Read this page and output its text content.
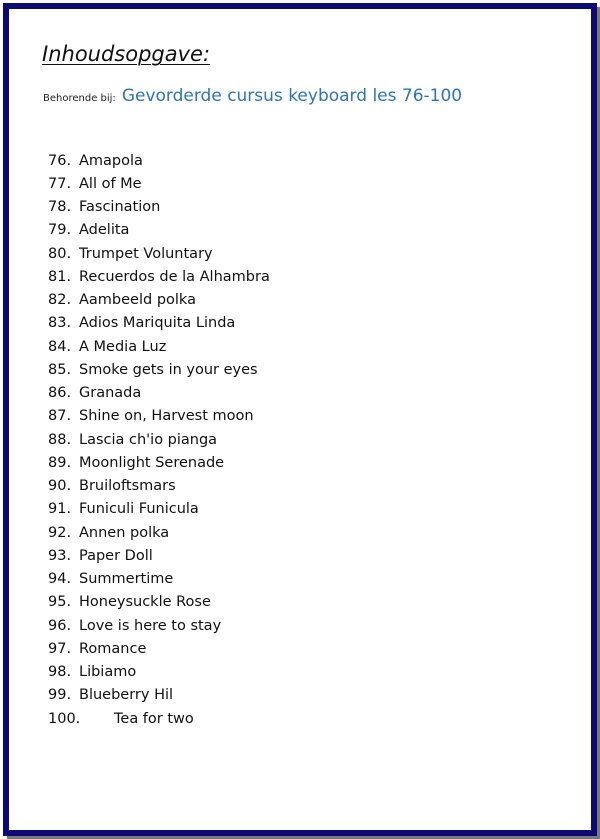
Inhoudsopgave:
Behorende bij: Gevorderde cursus keyboard les 76-100
76. Amapola
77. All of Me
78. Fascination
79. Adelita
80. Trumpet Voluntary
81. Recuerdos de la Alhambra
82. Aambeeld polka
83. Adios Mariquita Linda
84. A Media Luz
85. Smoke gets in your eyes
86. Granada
87. Shine on, Harvest moon
88. Lascia ch'io pianga
89. Moonlight Serenade
90. Bruiloftsmars
91. Funiculi Funicula
92. Annen polka
93. Paper Doll
94. Summertime
95. Honeysuckle Rose
96. Love is here to stay
97. Romance
98. Libiamo
99. Blueberry Hil
100.	Tea for two
